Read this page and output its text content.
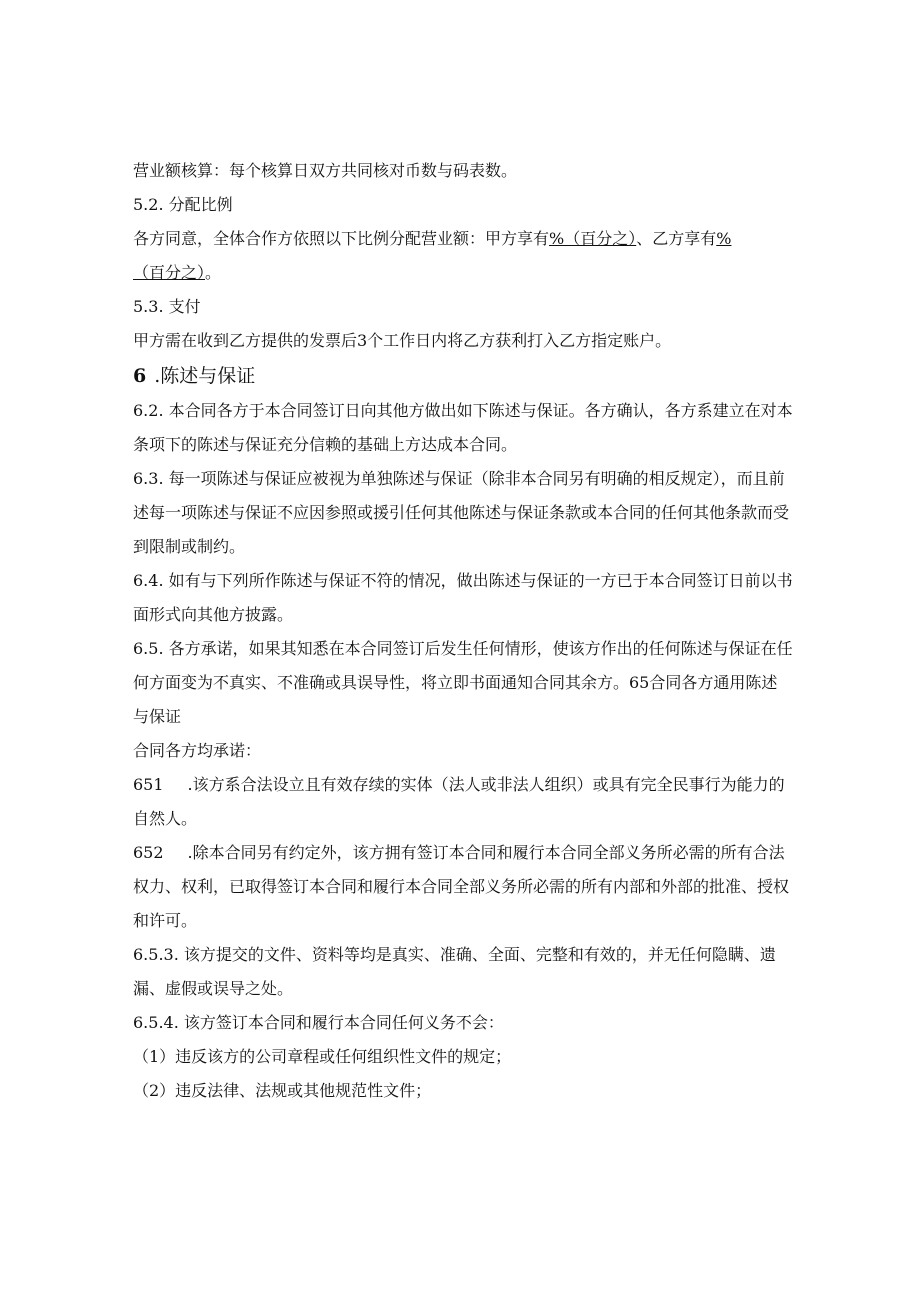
营业额核算：每个核算日双方共同核对币数与码表数。

5.2. 分配比例

各方同意，全体合作方依照以下比例分配营业额：甲方享有%（百分之）、乙方享有%
（百分之）。

5.3. 支付

甲方需在收到乙方提供的发票后3个工作日内将乙方获利打入乙方指定账户。

6 .陈述与保证

6.2. 本合同各方于本合同签订日向其他方做出如下陈述与保证。各方确认，各方系建立在对本条项下的陈述与保证充分信赖的基础上方达成本合同。

6.3. 每一项陈述与保证应被视为单独陈述与保证（除非本合同另有明确的相反规定），而且前述每一项陈述与保证不应因参照或援引任何其他陈述与保证条款或本合同的任何其他条款而受到限制或制约。

6.4. 如有与下列所作陈述与保证不符的情况，做出陈述与保证的一方已于本合同签订日前以书面形式向其他方披露。

6.5. 各方承诺，如果其知悉在本合同签订后发生任何情形，使该方作出的任何陈述与保证在任何方面变为不真实、不准确或具误导性，将立即书面通知合同其余方。65合同各方通用陈述与保证

合同各方均承诺：

651 .该方系合法设立且有效存续的实体（法人或非法人组织）或具有完全民事行为能力的自然人。

652 .除本合同另有约定外，该方拥有签订本合同和履行本合同全部义务所必需的所有合法权力、权利，已取得签订本合同和履行本合同全部义务所必需的所有内部和外部的批准、授权和许可。

6.5.3. 该方提交的文件、资料等均是真实、准确、全面、完整和有效的，并无任何隐瞒、遗漏、虚假或误导之处。

6.5.4. 该方签订本合同和履行本合同任何义务不会：

（1）违反该方的公司章程或任何组织性文件的规定；

（2）违反法律、法规或其他规范性文件；
